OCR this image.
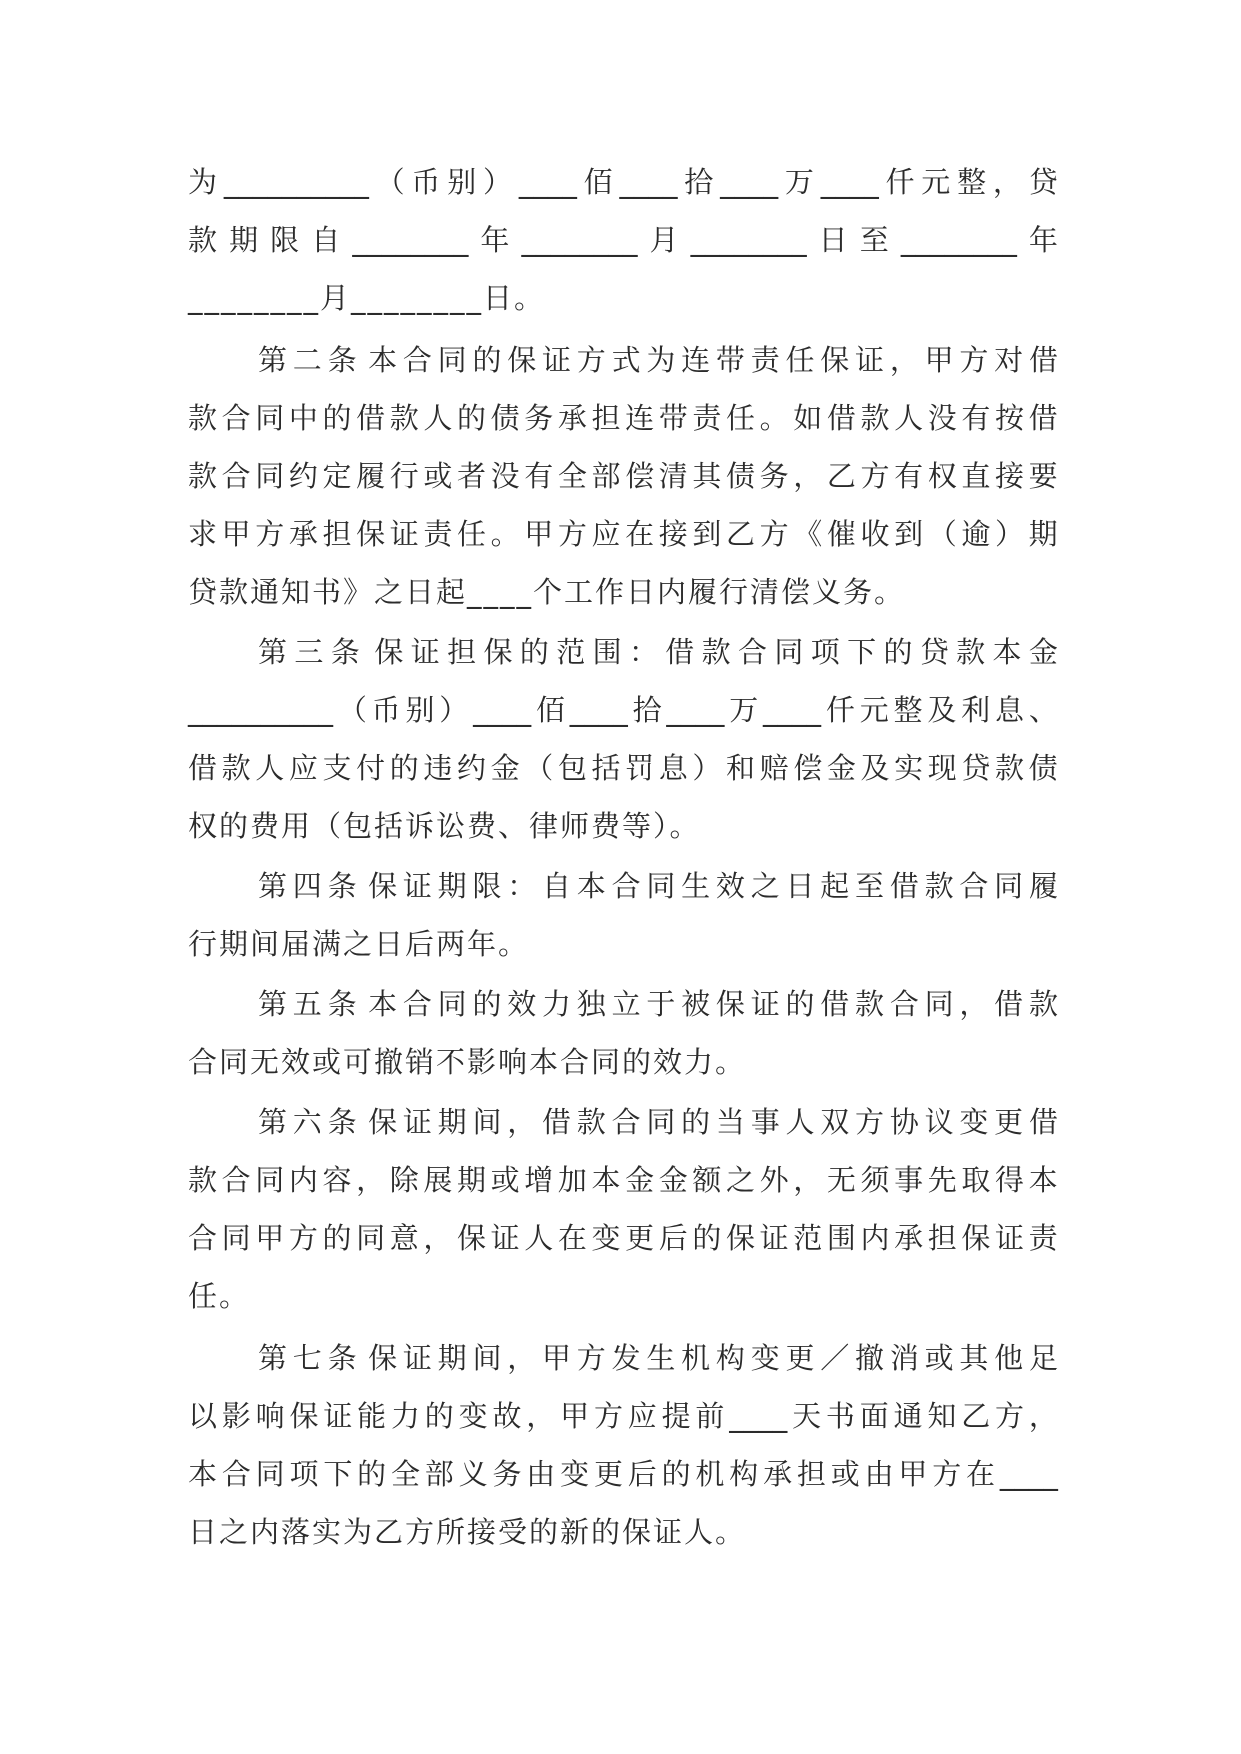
为 __________ （ 币 别 ） ____ 佰 ____ 拾 ____ 万 ____ 仟 元 整 ， 贷
款 期 限 自 ________ 年 ________ 月 ________ 日 至 ________ 年
________月________日。
第 二 条 本 合 同 的 保 证 方 式 为 连 带 责 任 保 证 ， 甲 方 对 借
款 合 同 中 的 借 款 人 的 债 务 承 担 连 带 责 任 。 如 借 款 人 没 有 按 借
款 合 同 约 定 履 行 或 者 没 有 全 部 偿 清 其 债 务 ， 乙 方 有 权 直 接 要
求 甲 方 承 担 保 证 责 任 。 甲 方 应 在 接 到 乙 方 《 催 收 到 （ 逾 ） 期
贷款通知书》之日起____个工作日内履行清偿义务。
第 三 条 保 证 担 保 的 范 围 ： 借 款 合 同 项 下 的 贷 款 本 金
__________ （ 币 别 ） ____ 佰 ____ 拾 ____ 万 ____ 仟 元 整 及 利 息 、
借 款 人 应 支 付 的 违 约 金 （ 包 括 罚 息 ） 和 赔 偿 金 及 实 现 贷 款 债
权的费用（包括诉讼费、律师费等）。
第 四 条 保 证 期 限 ： 自 本 合 同 生 效 之 日 起 至 借 款 合 同 履
行期间届满之日后两年。
第 五 条 本 合 同 的 效 力 独 立 于 被 保 证 的 借 款 合 同 ， 借 款
合同无效或可撤销不影响本合同的效力。
第 六 条 保 证 期 间 ， 借 款 合 同 的 当 事 人 双 方 协 议 变 更 借
款 合 同 内 容 ， 除 展 期 或 增 加 本 金 金 额 之 外 ， 无 须 事 先 取 得 本
合 同 甲 方 的 同 意 ， 保 证 人 在 变 更 后 的 保 证 范 围 内 承 担 保 证 责
任。
第 七 条 保 证 期 间 ， 甲 方 发 生 机 构 变 更 ／ 撤 消 或 其 他 足
以 影 响 保 证 能 力 的 变 故 ， 甲 方 应 提 前 ____ 天 书 面 通 知 乙 方 ，
本 合 同 项 下 的 全 部 义 务 由 变 更 后 的 机 构 承 担 或 由 甲 方 在 ____
日之内落实为乙方所接受的新的保证人。
